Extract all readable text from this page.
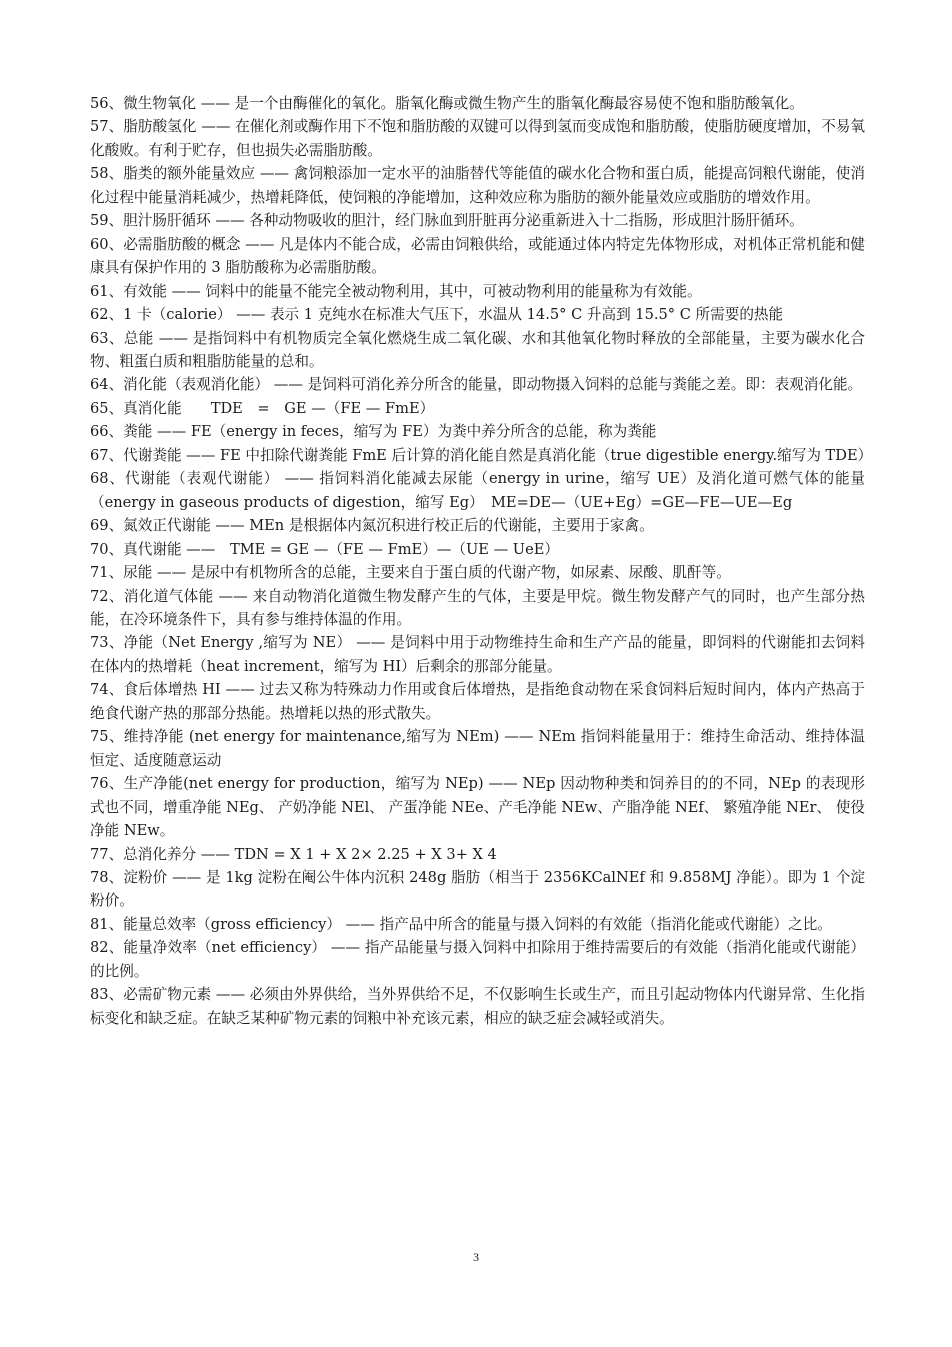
56、微生物氧化 —— 是一个由酶催化的氧化。脂氧化酶或微生物产生的脂氧化酶最容易使不饱和脂肪酸氧化。

57、脂肪酸氢化 —— 在催化剂或酶作用下不饱和脂肪酸的双键可以得到氢而变成饱和脂肪酸，使脂肪硬度增加，不易氧化酸败。有利于贮存，但也损失必需脂肪酸。

58、脂类的额外能量效应 —— 禽饲粮添加一定水平的油脂替代等能值的碳水化合物和蛋白质，能提高饲粮代谢能，使消化过程中能量消耗减少，热增耗降低，使饲粮的净能增加，这种效应称为脂肪的额外能量效应或脂肪的增效作用。

59、胆汁肠肝循环 —— 各种动物吸收的胆汁，经门脉血到肝脏再分泌重新进入十二指肠，形成胆汁肠肝循环。

60、必需脂肪酸的概念 —— 凡是体内不能合成，必需由饲粮供给，或能通过体内特定先体物形成，对机体正常机能和健康具有保护作用的 3 脂肪酸称为必需脂肪酸。

61、有效能 —— 饲料中的能量不能完全被动物利用，其中，可被动物利用的能量称为有效能。

62、1 卡（calorie） —— 表示 1 克纯水在标准大气压下，水温从 14.5° C 升高到 15.5° C 所需要的热能

63、总能 —— 是指饲料中有机物质完全氧化燃烧生成二氧化碳、水和其他氧化物时释放的全部能量，主要为碳水化合物、粗蛋白质和粗脂肪能量的总和。

64、消化能（表观消化能） —— 是饲料可消化养分所含的能量，即动物摄入饲料的总能与粪能之差。即：表观消化能。

65、真消化能　　TDE　=　GE —（FE — FmE）

66、粪能 —— FE（energy in feces，缩写为 FE）为粪中养分所含的总能，称为粪能

67、代谢粪能 —— FE 中扣除代谢粪能 FmE 后计算的消化能自然是真消化能（true digestible energy.缩写为 TDE）

68、代谢能（表观代谢能） —— 指饲料消化能减去尿能（energy in urine，缩写 UE）及消化道可燃气体的能量（energy in gaseous products of digestion，缩写 Eg）　ME=DE—（UE+Eg）=GE—FE—UE—Eg

69、氮效正代谢能 —— MEn 是根据体内氮沉积进行校正后的代谢能，主要用于家禽。

70、真代谢能 ——　TME = GE —（FE — FmE）—（UE — UeE）

71、尿能 —— 是尿中有机物所含的总能，主要来自于蛋白质的代谢产物，如尿素、尿酸、肌酐等。

72、消化道气体能 —— 来自动物消化道微生物发酵产生的气体，主要是甲烷。微生物发酵产气的同时，也产生部分热能，在冷环境条件下，具有参与维持体温的作用。

73、净能（Net Energy ,缩写为 NE） —— 是饲料中用于动物维持生命和生产产品的能量，即饲料的代谢能扣去饲料在体内的热增耗（heat increment，缩写为 HI）后剩余的那部分能量。

74、食后体增热 HI —— 过去又称为特殊动力作用或食后体增热，是指绝食动物在采食饲料后短时间内，体内产热高于绝食代谢产热的那部分热能。热增耗以热的形式散失。

75、维持净能 (net energy for maintenance,缩写为 NEm) —— NEm 指饲料能量用于：维持生命活动、维持体温恒定、适度随意运动

76、生产净能(net energy for production，缩写为 NEp) —— NEp 因动物种类和饲养目的的不同，NEp 的表现形式也不同，增重净能 NEg、 产奶净能 NEl、 产蛋净能 NEe、产毛净能 NEw、产脂净能 NEf、 繁殖净能 NEr、 使役净能 NEw。

77、总消化养分 —— TDN = X 1 + X 2× 2.25 + X 3+ X 4

78、淀粉价 —— 是 1kg 淀粉在阉公牛体内沉积 248g 脂肪（相当于 2356KCalNEf 和 9.858MJ 净能）。即为 1 个淀粉价。

81、能量总效率（gross efficiency） —— 指产品中所含的能量与摄入饲料的有效能（指消化能或代谢能）之比。

82、能量净效率（net efficiency） —— 指产品能量与摄入饲料中扣除用于维持需要后的有效能（指消化能或代谢能）的比例。

83、必需矿物元素 —— 必须由外界供给，当外界供给不足，不仅影响生长或生产，而且引起动物体内代谢异常、生化指标变化和缺乏症。在缺乏某种矿物元素的饲粮中补充该元素，相应的缺乏症会减轻或消失。

3
